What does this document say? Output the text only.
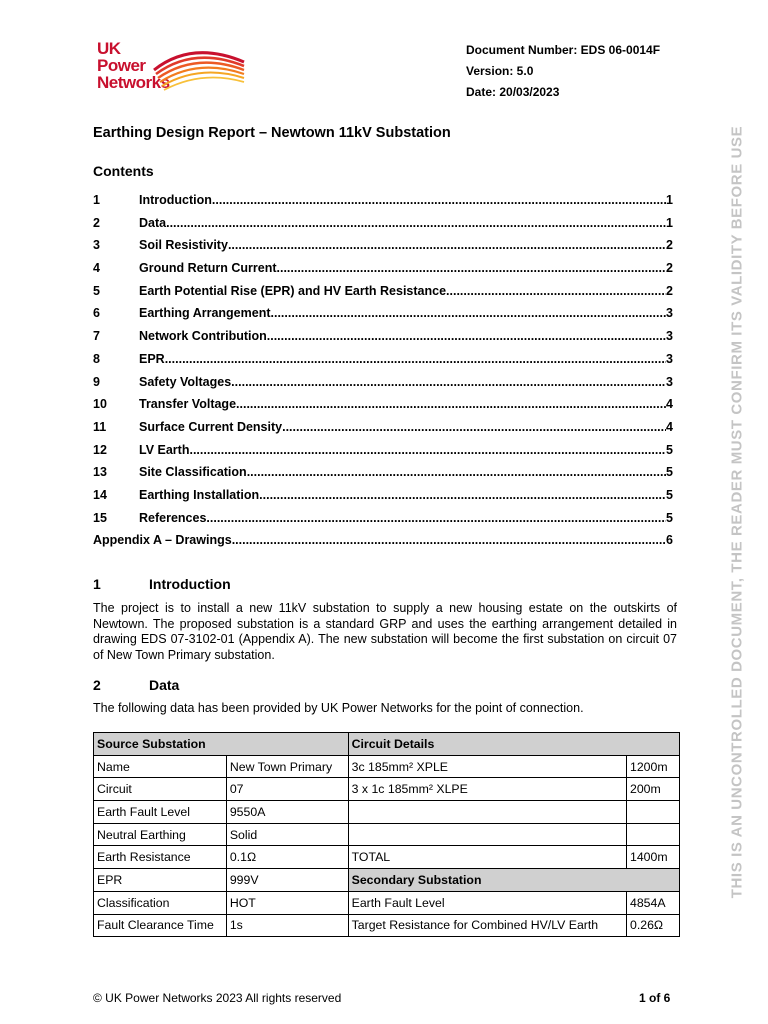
UK
Power
Networks
Document Number: EDS 06-0014F
Version: 5.0
Date: 20/03/2023
Earthing Design Report – Newtown 11kV Substation
Contents
1	Introduction .....	1
2	Data .....	1
3	Soil Resistivity .....	2
4	Ground Return Current .....	2
5	Earth Potential Rise (EPR) and HV Earth Resistance .....	2
6	Earthing Arrangement .....	3
7	Network Contribution .....	3
8	EPR .....	3
9	Safety Voltages .....	3
10	Transfer Voltage .....	4
11	Surface Current Density .....	4
12	LV Earth .....	5
13	Site Classification .....	5
14	Earthing Installation .....	5
15	References .....	5
Appendix A – Drawings .....	6
1	Introduction
The project is to install a new 11kV substation to supply a new housing estate on the outskirts of Newtown. The proposed substation is a standard GRP and uses the earthing arrangement detailed in drawing EDS 07-3102-01 (Appendix A). The new substation will become the first substation on circuit 07 of New Town Primary substation.
2	Data
The following data has been provided by UK Power Networks for the point of connection.
Source Substation		Circuit Details	
Name	New Town Primary	3c 185mm² XPLE	1200m
Circuit	07	3 x 1c 185mm² XLPE	200m
Earth Fault Level	9550A		
Neutral Earthing	Solid		
Earth Resistance	0.1Ω	TOTAL	1400m
EPR	999V	Secondary Substation	
Classification	HOT	Earth Fault Level	4854A
Fault Clearance Time	1s	Target Resistance for Combined HV/LV Earth	0.26Ω
© UK Power Networks 2023 All rights reserved	1 of 6
THIS IS AN UNCONTROLLED DOCUMENT, THE READER MUST CONFIRM ITS VALIDITY BEFORE USE
